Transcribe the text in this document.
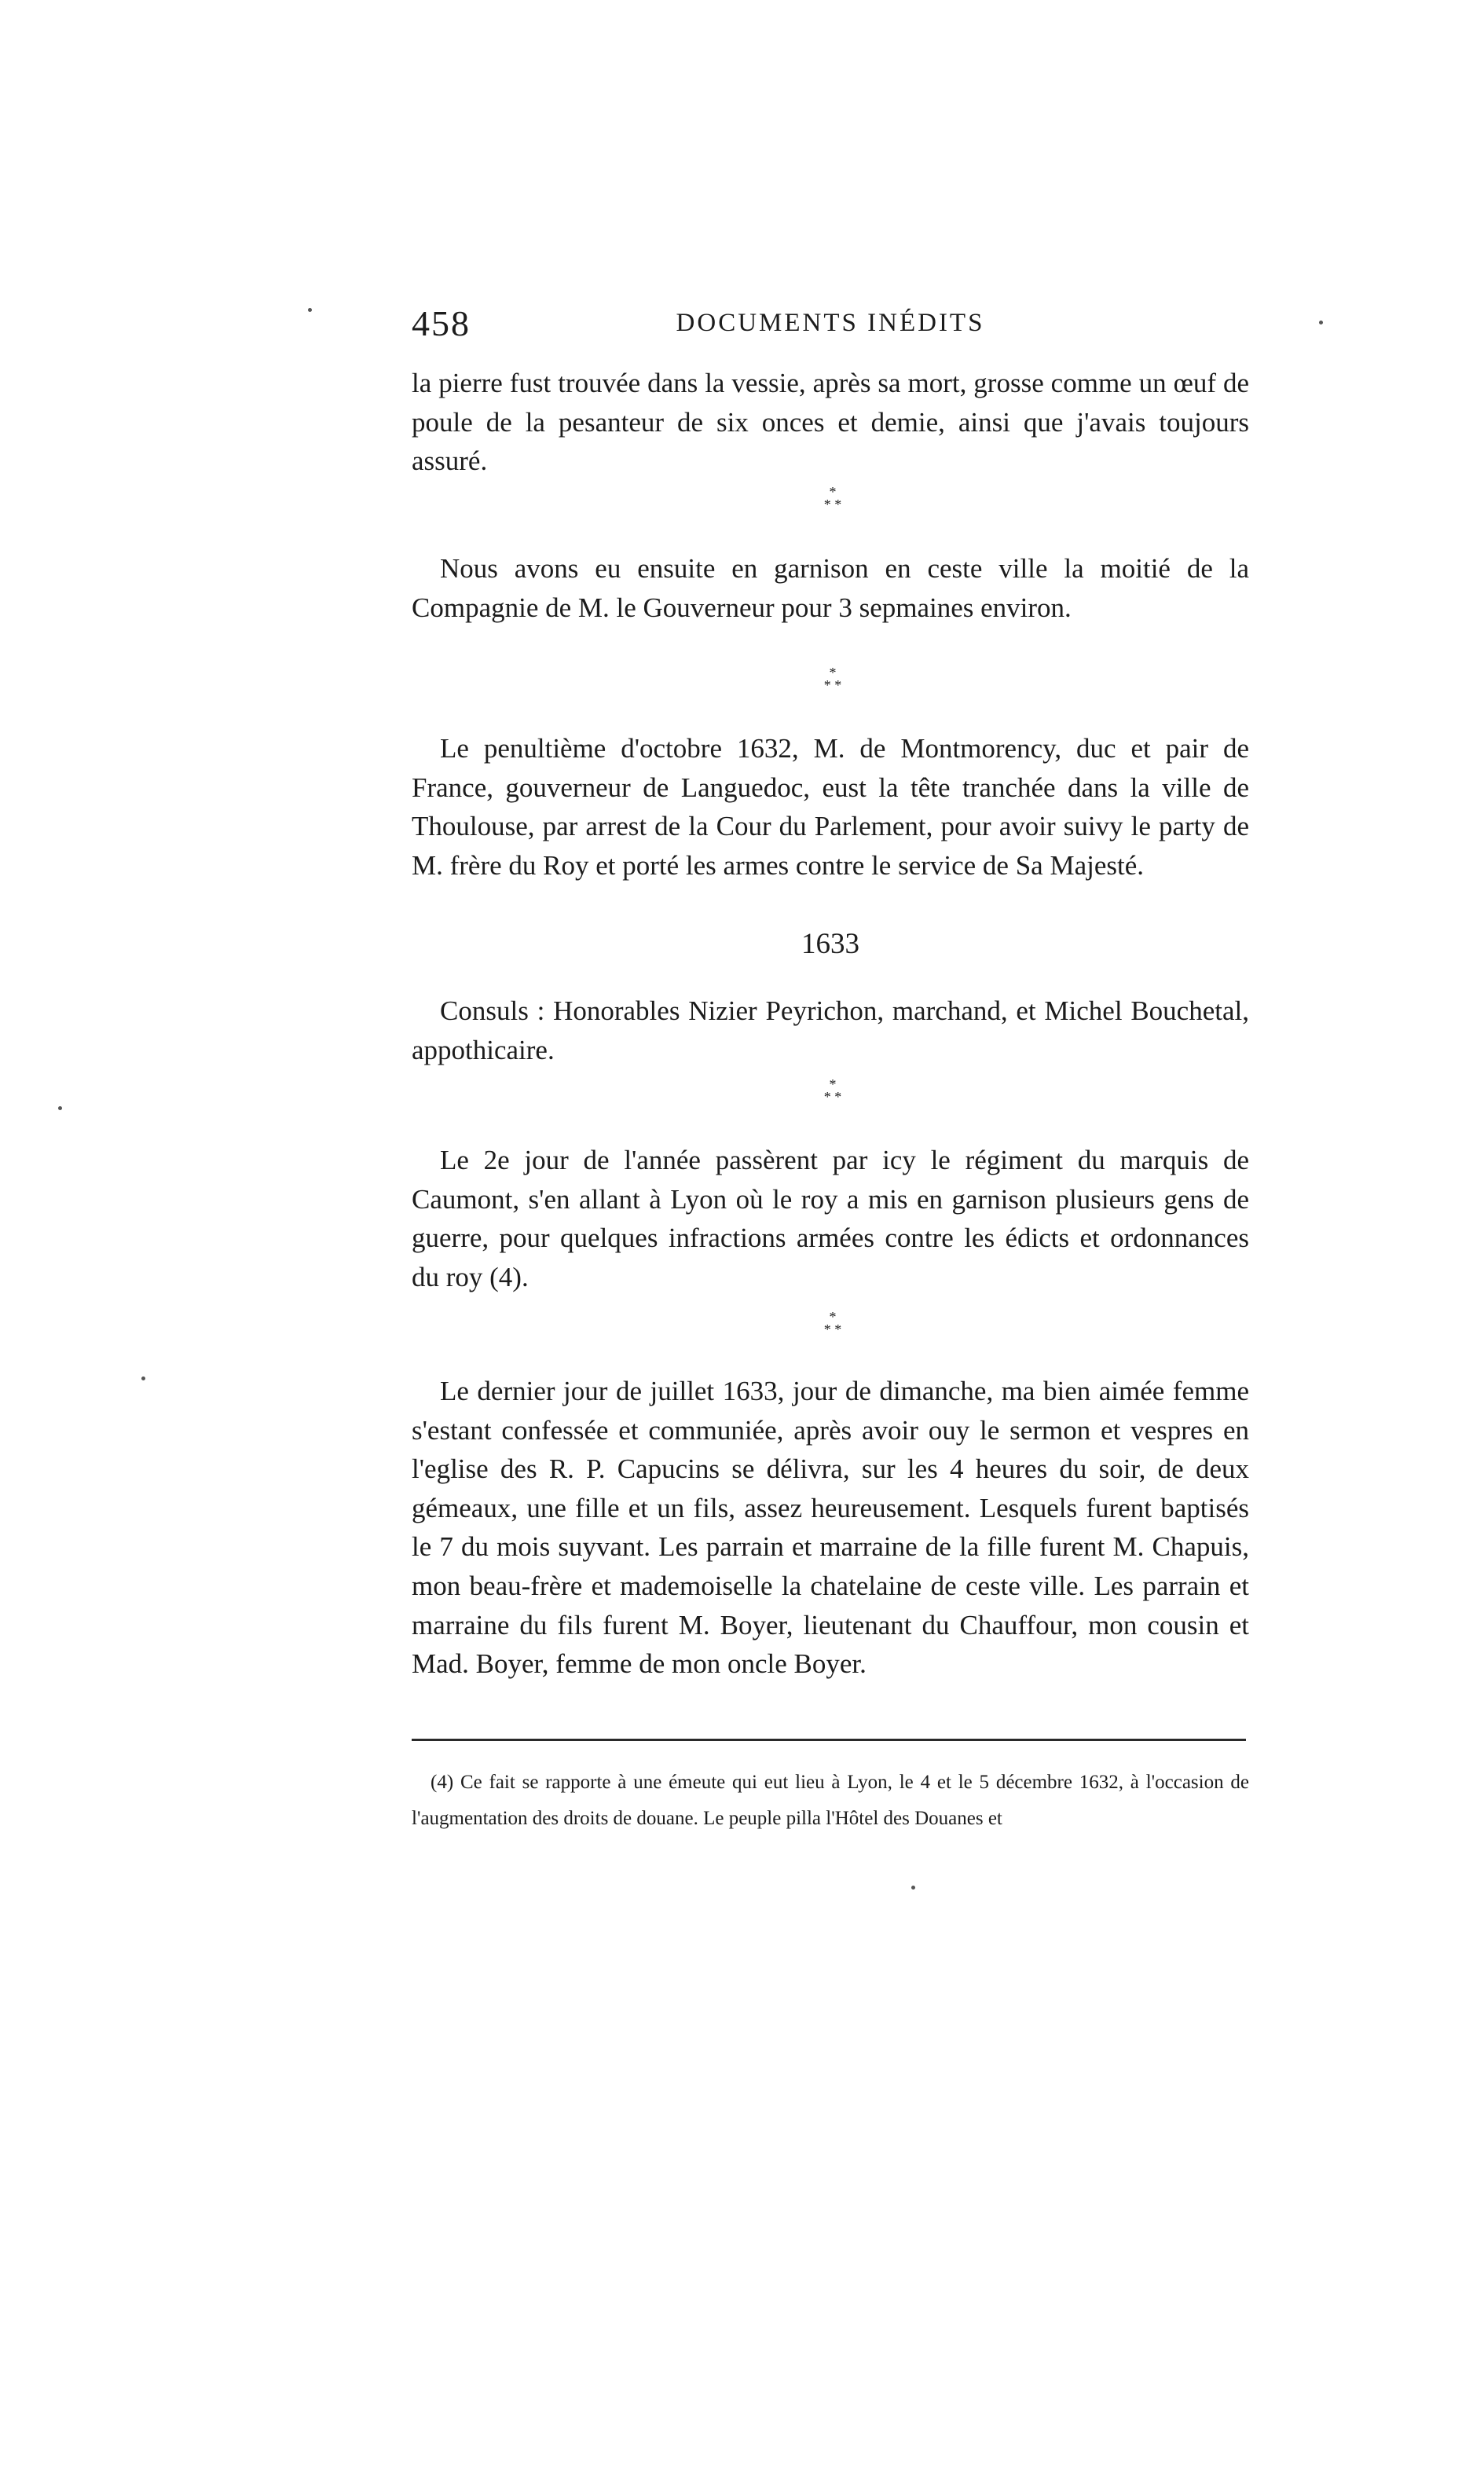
458	DOCUMENTS INÉDITS

la pierre fust trouvée dans la vessie, après sa mort, grosse comme un œuf de poule de la pesanteur de six onces et demie, ainsi que j'avais toujours assuré.

*
* *

Nous avons eu ensuite en garnison en ceste ville la moitié de la Compagnie de M. le Gouverneur pour 3 sepmaines environ.

*
* *

Le penultième d'octobre 1632, M. de Montmorency, duc et pair de France, gouverneur de Languedoc, eust la tête tranchée dans la ville de Thoulouse, par arrest de la Cour du Parlement, pour avoir suivy le party de M. frère du Roy et porté les armes contre le service de Sa Majesté.

1633

Consuls : Honorables Nizier Peyrichon, marchand, et Michel Bouchetal, appothicaire.

*
* *

Le 2e jour de l'année passèrent par icy le régiment du marquis de Caumont, s'en allant à Lyon où le roy a mis en garnison plusieurs gens de guerre, pour quelques infractions armées contre les édicts et ordonnances du roy (4).

*
* *

Le dernier jour de juillet 1633, jour de dimanche, ma bien aimée femme s'estant confessée et communiée, après avoir ouy le sermon et vespres en l'eglise des R. P. Capucins se délivra, sur les 4 heures du soir, de deux gémeaux, une fille et un fils, assez heureusement. Lesquels furent baptisés le 7 du mois suyvant. Les parrain et marraine de la fille furent M. Chapuis, mon beau-frère et mademoiselle la chatelaine de ceste ville. Les parrain et marraine du fils furent M. Boyer, lieutenant du Chauffour, mon cousin et Mad. Boyer, femme de mon oncle Boyer.

(4) Ce fait se rapporte à une émeute qui eut lieu à Lyon, le 4 et le 5 décembre 1632, à l'occasion de l'augmentation des droits de douane. Le peuple pilla l'Hôtel des Douanes et
